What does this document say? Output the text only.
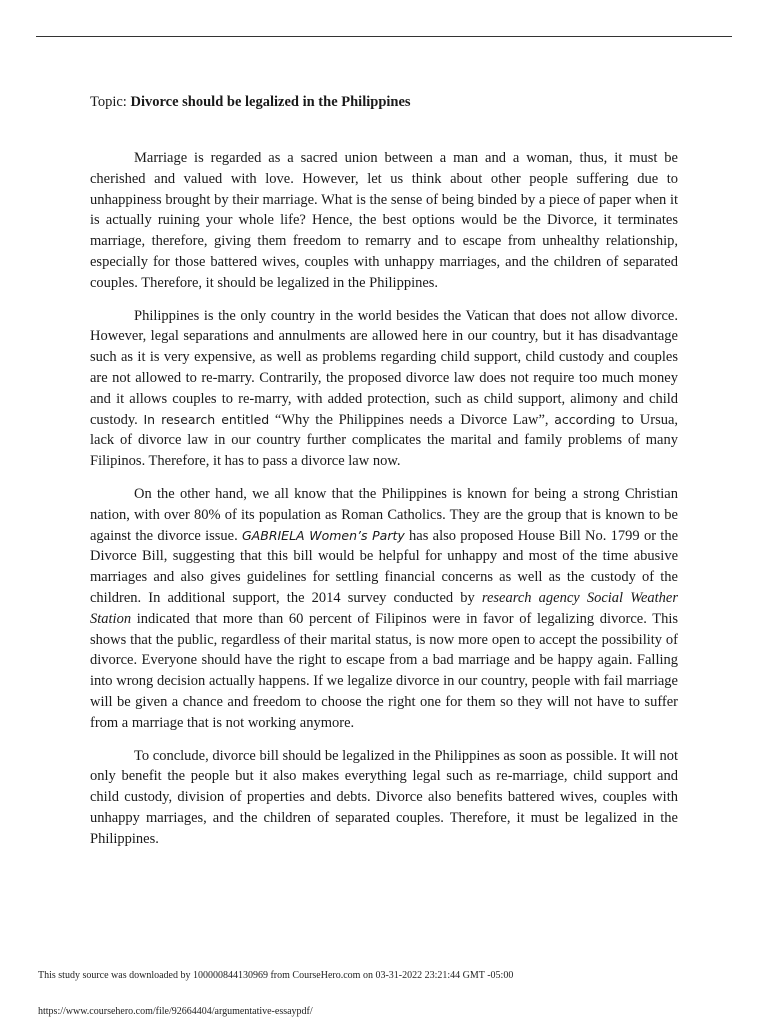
Topic: Divorce should be legalized in the Philippines

Marriage is regarded as a sacred union between a man and a woman, thus, it must be cherished and valued with love. However, let us think about other people suffering due to unhappiness brought by their marriage. What is the sense of being binded by a piece of paper when it is actually ruining your whole life? Hence, the best options would be the Divorce, it terminates marriage, therefore, giving them freedom to remarry and to escape from unhealthy relationship, especially for those battered wives, couples with unhappy marriages, and the children of separated couples. Therefore, it should be legalized in the Philippines.

Philippines is the only country in the world besides the Vatican that does not allow divorce. However, legal separations and annulments are allowed here in our country, but it has disadvantage such as it is very expensive, as well as problems regarding child support, child custody and couples are not allowed to re-marry. Contrarily, the proposed divorce law does not require too much money and it allows couples to re-marry, with added protection, such as child support, alimony and child custody. In research entitled “Why the Philippines needs a Divorce Law”, according to Ursua, lack of divorce law in our country further complicates the marital and family problems of many Filipinos. Therefore, it has to pass a divorce law now.

On the other hand, we all know that the Philippines is known for being a strong Christian nation, with over 80% of its population as Roman Catholics. They are the group that is known to be against the divorce issue. GABRIELA Women’s Party has also proposed House Bill No. 1799 or the Divorce Bill, suggesting that this bill would be helpful for unhappy and most of the time abusive marriages and also gives guidelines for settling financial concerns as well as the custody of the children. In additional support, the 2014 survey conducted by research agency Social Weather Station indicated that more than 60 percent of Filipinos were in favor of legalizing divorce. This shows that the public, regardless of their marital status, is now more open to accept the possibility of divorce. Everyone should have the right to escape from a bad marriage and be happy again. Falling into wrong decision actually happens. If we legalize divorce in our country, people with fail marriage will be given a chance and freedom to choose the right one for them so they will not have to suffer from a marriage that is not working anymore.

To conclude, divorce bill should be legalized in the Philippines as soon as possible. It will not only benefit the people but it also makes everything legal such as re-marriage, child support and child custody, division of properties and debts. Divorce also benefits battered wives, couples with unhappy marriages, and the children of separated couples. Therefore, it must be legalized in the Philippines.

This study source was downloaded by 100000844130969 from CourseHero.com on 03-31-2022 23:21:44 GMT -05:00
https://www.coursehero.com/file/92664404/argumentative-essaypdf/
